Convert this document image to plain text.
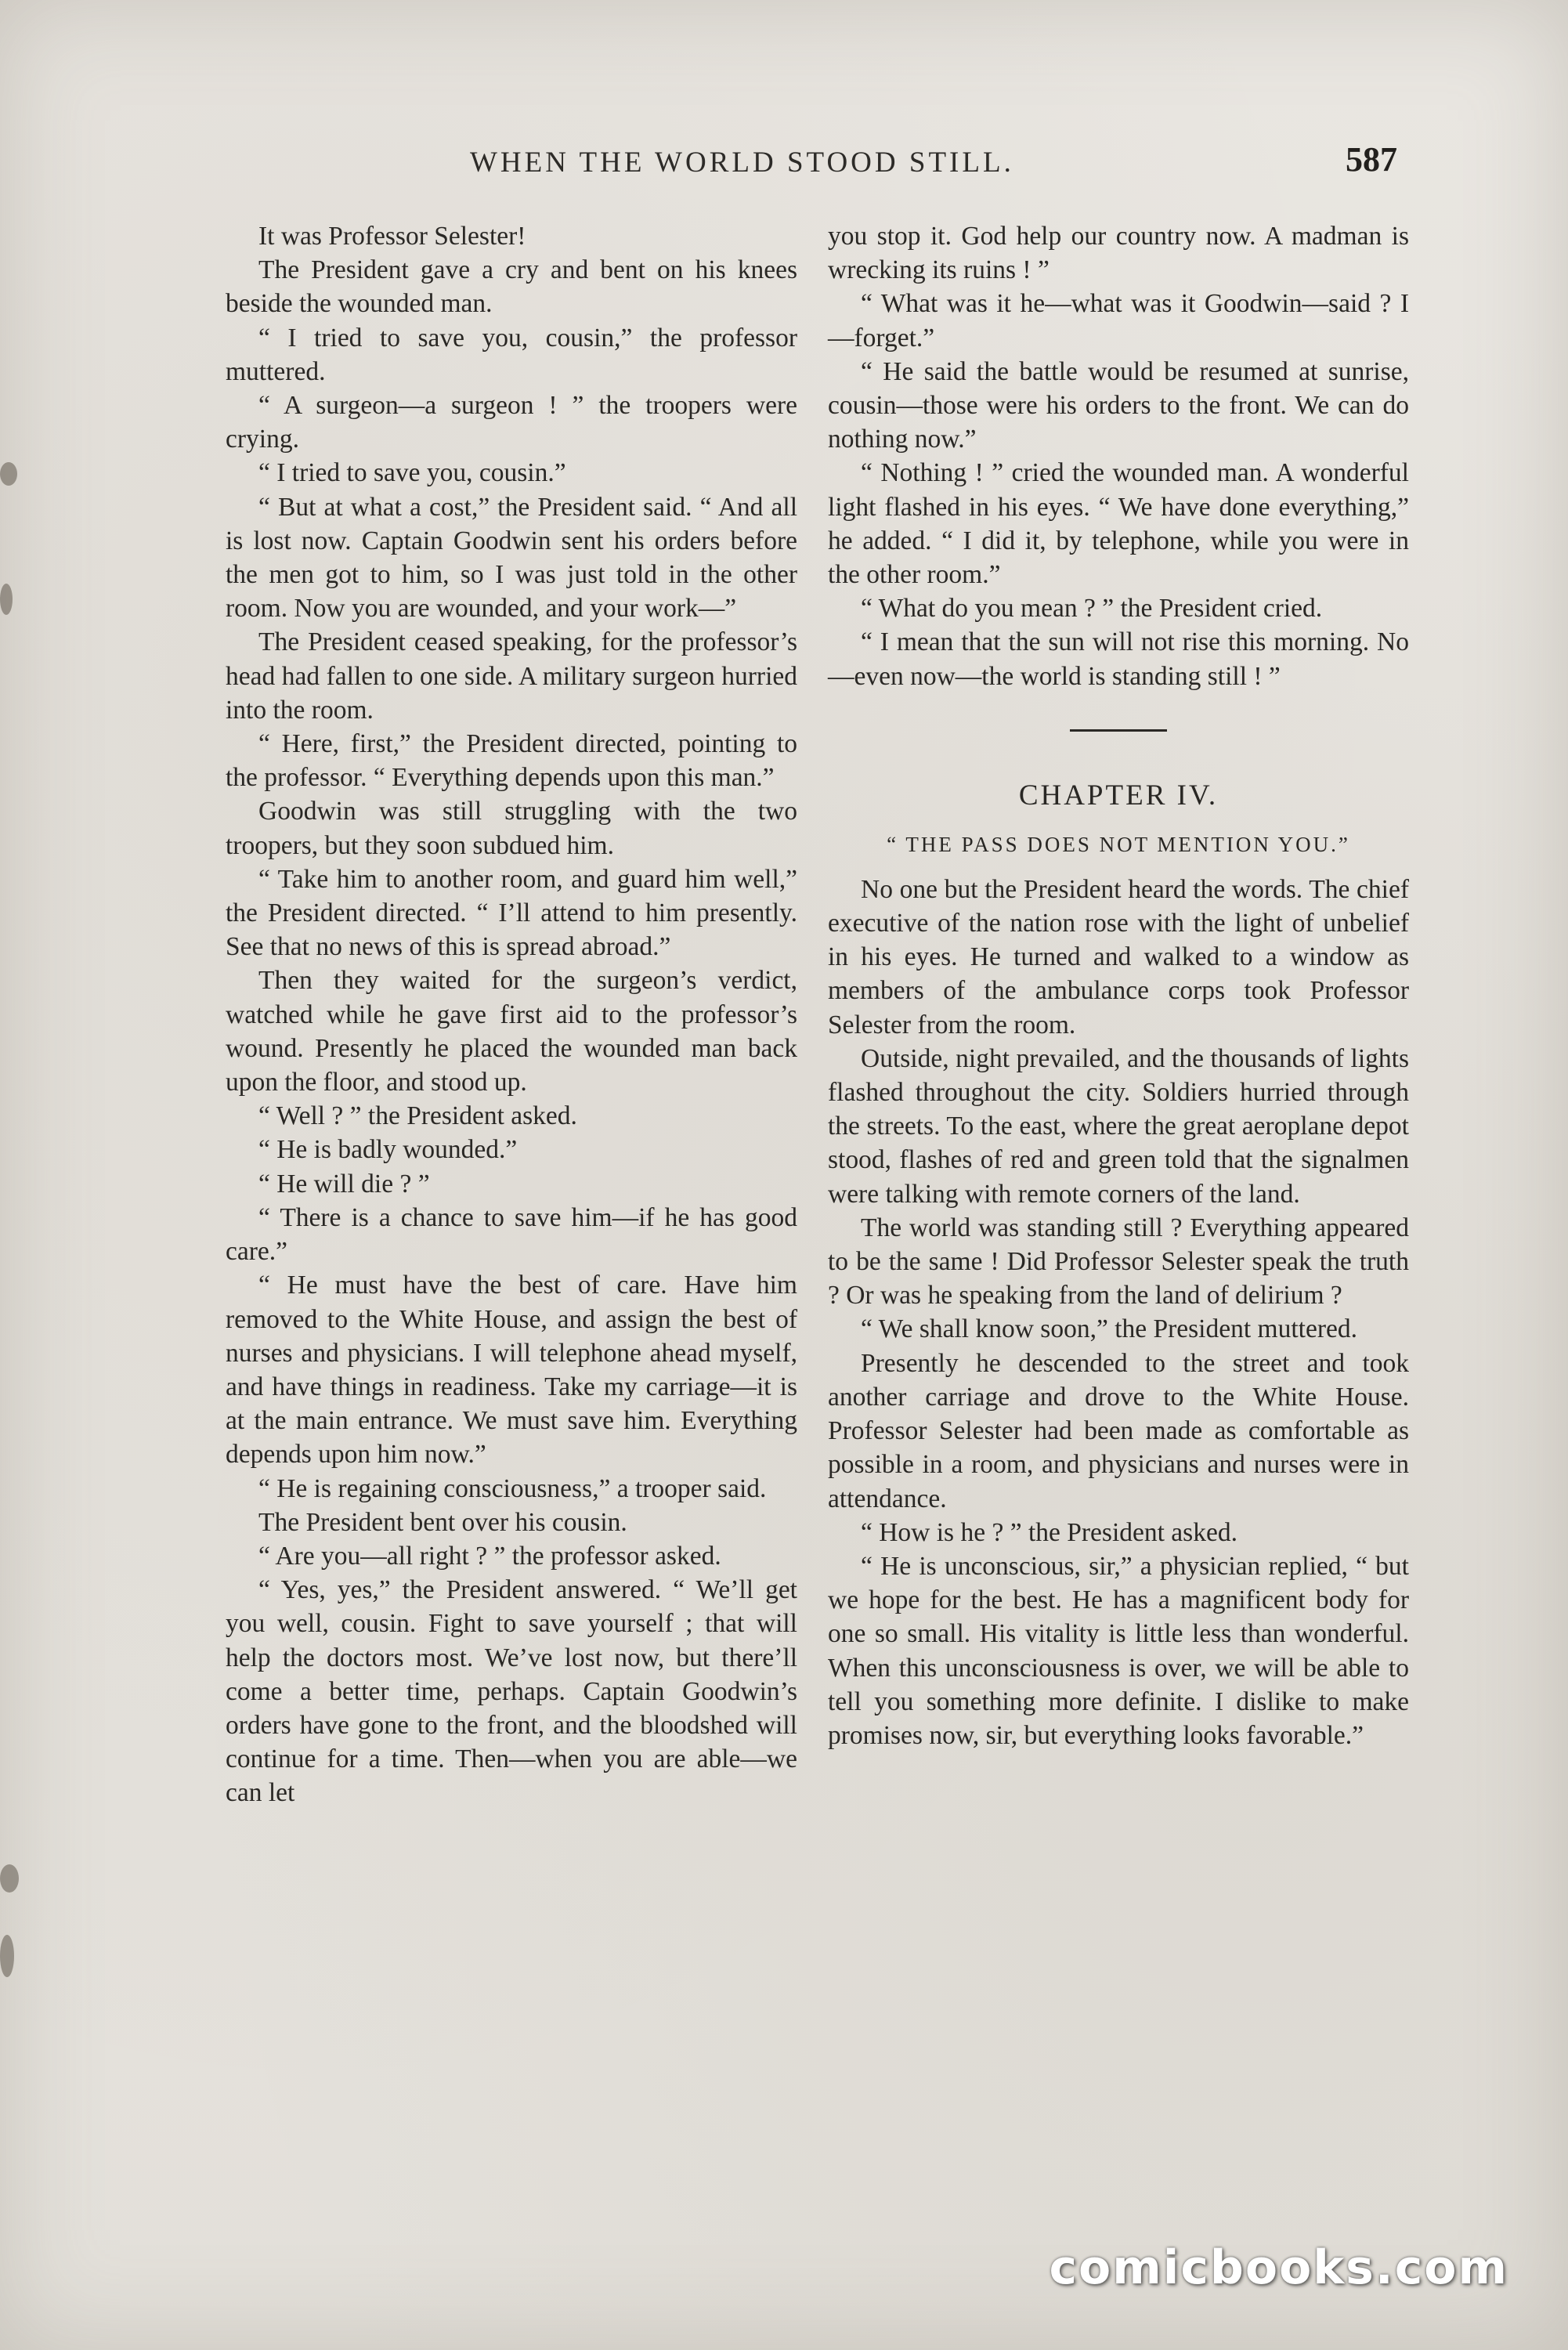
WHEN THE WORLD STOOD STILL.	587

It was Professor Selester!

The President gave a cry and bent on his knees beside the wounded man.

“ I tried to save you, cousin,” the professor muttered.

“ A surgeon—a surgeon ! ” the troopers were crying.

“ I tried to save you, cousin.”

“ But at what a cost,” the President said. “ And all is lost now. Captain Goodwin sent his orders before the men got to him, so I was just told in the other room. Now you are wounded, and your work—”

The President ceased speaking, for the professor’s head had fallen to one side. A military surgeon hurried into the room.

“ Here, first,” the President directed, pointing to the professor. “ Everything depends upon this man.”

Goodwin was still struggling with the two troopers, but they soon subdued him.

“ Take him to another room, and guard him well,” the President directed. “ I’ll attend to him presently. See that no news of this is spread abroad.”

Then they waited for the surgeon’s verdict, watched while he gave first aid to the professor’s wound. Presently he placed the wounded man back upon the floor, and stood up.

“ Well ? ” the President asked.

“ He is badly wounded.”

“ He will die ? ”

“ There is a chance to save him—if he has good care.”

“ He must have the best of care. Have him removed to the White House, and assign the best of nurses and physicians. I will telephone ahead myself, and have things in readiness. Take my carriage—it is at the main entrance. We must save him. Everything depends upon him now.”

“ He is regaining consciousness,” a trooper said.

The President bent over his cousin.

“ Are you—all right ? ” the professor asked.

“ Yes, yes,” the President answered. “ We’ll get you well, cousin. Fight to save yourself ; that will help the doctors most. We’ve lost now, but there’ll come a better time, perhaps. Captain Goodwin’s orders have gone to the front, and the bloodshed will continue for a time. Then—when you are able—we can let

you stop it. God help our country now. A madman is wrecking its ruins ! ”

“ What was it he—what was it Goodwin—said ? I—forget.”

“ He said the battle would be resumed at sunrise, cousin—those were his orders to the front. We can do nothing now.”

“ Nothing ! ” cried the wounded man. A wonderful light flashed in his eyes. “ We have done everything,” he added. “ I did it, by telephone, while you were in the other room.”

“ What do you mean ? ” the President cried.

“ I mean that the sun will not rise this morning. No—even now—the world is standing still ! ”

CHAPTER IV.
“ THE PASS DOES NOT MENTION YOU.”

No one but the President heard the words. The chief executive of the nation rose with the light of unbelief in his eyes. He turned and walked to a window as members of the ambulance corps took Professor Selester from the room.

Outside, night prevailed, and the thousands of lights flashed throughout the city. Soldiers hurried through the streets. To the east, where the great aeroplane depot stood, flashes of red and green told that the signalmen were talking with remote corners of the land.

The world was standing still ? Everything appeared to be the same ! Did Professor Selester speak the truth ? Or was he speaking from the land of delirium ?

“ We shall know soon,” the President muttered.

Presently he descended to the street and took another carriage and drove to the White House. Professor Selester had been made as comfortable as possible in a room, and physicians and nurses were in attendance.

“ How is he ? ” the President asked.

“ He is unconscious, sir,” a physician replied, “ but we hope for the best. He has a magnificent body for one so small. His vitality is little less than wonderful. When this unconsciousness is over, we will be able to tell you something more definite. I dislike to make promises now, sir, but everything looks favorable.”

comicbooks.com
